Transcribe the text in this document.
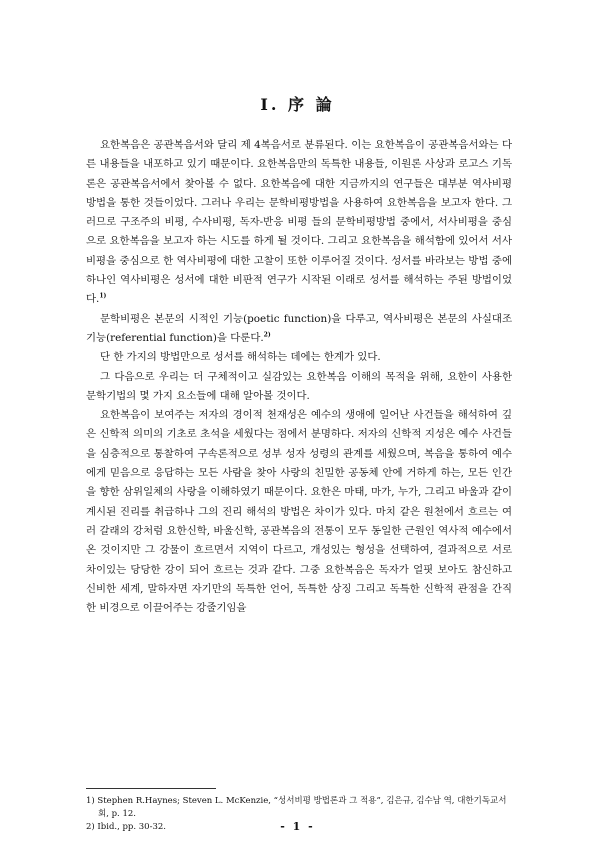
I. 序 論

요한복음은 공관복음서와 달리 제 4복음서로 분류된다. 이는 요한복음이 공관복음서와는 다른 내용들을 내포하고 있기 때문이다. 요한복음만의 독특한 내용들, 이원론 사상과 로고스 기독론은 공관복음서에서 찾아볼 수 없다. 요한복음에 대한 지금까지의 연구들은 대부분 역사비평 방법을 통한 것들이었다. 그러나 우리는 문학비평방법을 사용하여 요한복음을 보고자 한다. 그러므로 구조주의 비평, 수사비평, 독자-반응 비평 들의 문학비평방법 중에서, 서사비평을 중심으로 요한복음을 보고자 하는 시도를 하게 될 것이다. 그리고 요한복음을 해석함에 있어서 서사비평을 중심으로 한 역사비평에 대한 고찰이 또한 이루어질 것이다. 성서를 바라보는 방법 중에 하나인 역사비평은 성서에 대한 비판적 연구가 시작된 이래로 성서를 해석하는 주된 방법이었다.$^{1)}$

문학비평은 본문의 시적인 기능(poetic function)을 다루고, 역사비평은 본문의 사실대조 기능(referential function)을 다룬다.$^{2)}$

단 한 가지의 방법만으로 성서를 해석하는 데에는 한계가 있다.

그 다음으로 우리는 더 구체적이고 실감있는 요한복음 이해의 목적을 위해, 요한이 사용한 문학기법의 몇 가지 요소들에 대해 알아볼 것이다.

요한복음이 보여주는 저자의 경이적 천재성은 예수의 생애에 일어난 사건들을 해석하여 깊은 신학적 의미의 기초로 초석을 세웠다는 점에서 분명하다. 저자의 신학적 지성은 예수 사건들을 심층적으로 통찰하여 구속론적으로 성부 성자 성령의 관계를 세웠으며, 복음을 통하여 예수에게 믿음으로 응답하는 모든 사람을 찾아 사랑의 친밀한 공동체 안에 거하게 하는, 모든 인간을 향한 삼위일체의 사랑을 이해하였기 때문이다. 요한은 마태, 마가, 누가, 그리고 바울과 같이 계시된 진리를 취급하나 그의 진리 해석의 방법은 차이가 있다. 마치 같은 원천에서 흐르는 여러 갈래의 강처럼 요한신학, 바울신학, 공관복음의 전통이 모두 동일한 근원인 역사적 예수에서 온 것이지만 그 강물이 흐르면서 지역이 다르고, 개성있는 형성을 선택하여, 결과적으로 서로 차이있는 당당한 강이 되어 흐르는 것과 같다. 그중 요한복음은 독자가 얼핏 보아도 참신하고 신비한 세계, 말하자면 자기만의 독특한 언어, 독특한 상징 그리고 독특한 신학적 관점을 간직한 비경으로 이끌어주는 강줄기임을

1) Stephen R.Haynes; Steven L. McKenzie, “성서비평 방법론과 그 적용”, 김은규, 김수남 역, 대한기독교서회, p. 12.
2) Ibid., pp. 30-32.	- 1 -
